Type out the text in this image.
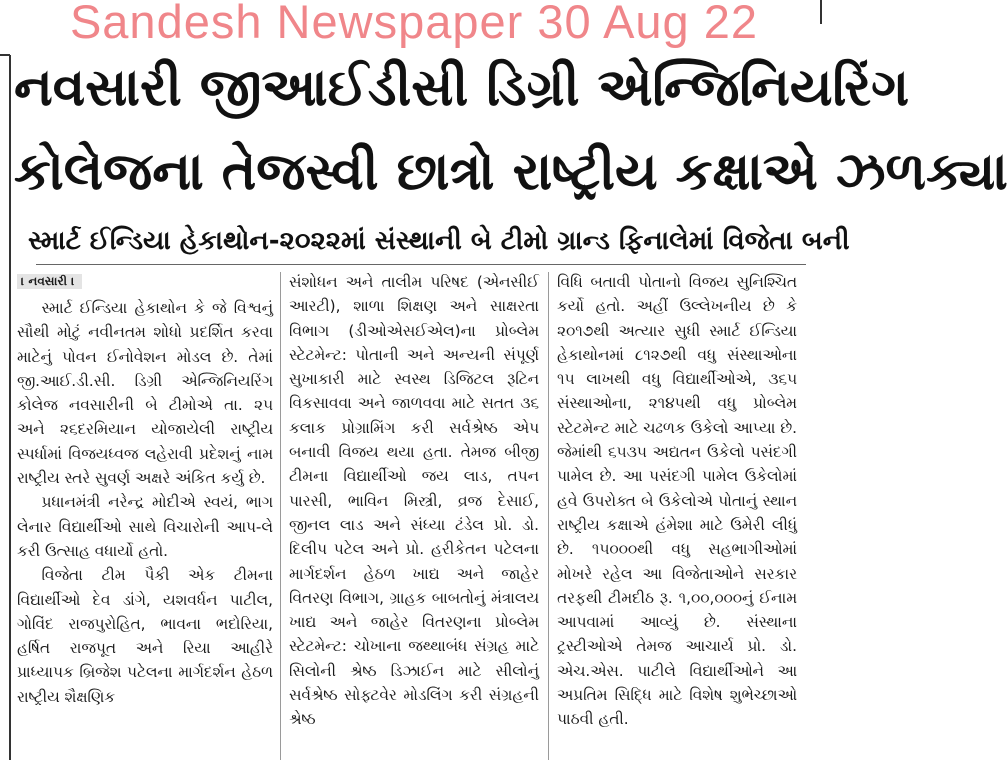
Sandesh Newspaper 30 Aug 22
નવસારી જીઆઈડીસી ડિગ્રી એન્જિનિયરિંગ
કોલેજના તેજસ્વી છાત્રો રાષ્ટ્રીય કક્ષાએ ઝળક્યા
સ્માર્ટ ઈન્ડિયા હેકાથોન-૨૦૨૨માં સંસ્થાની બે ટીમો ગ્રાન્ડ ફિનાલેમાં વિજેતા બની
। નવસારી ।

સ્માર્ટ ઈન્ડિયા હેકાથોન કે જે વિશ્વનું સૌથી મોટું નવીનતમ શોધો પ્રદર્શિત કરવા માટેનું પોવન ઈનોવેશન મોડલ છે. તેમાં જી.આઈ.ડી.સી. ડિગ્રી એન્જિનિયરિંગ કોલેજ નવસારીની બે ટીમોએ તા. ૨૫ અને ૨૬દરમિયાન યોજાયેલી રાષ્ટ્રીય સ્પર્ધામાં વિજયધ્વજ લહેરાવી પ્રદેશનું નામ રાષ્ટ્રીય સ્તરે સુવર્ણ અક્ષરે અંકિત કર્યુ છે.

પ્રધાનમંત્રી નરેન્દ્ર મોદીએ સ્વયં, ભાગ લેનાર વિદ્યાર્થીઓ સાથે વિચારોની આપ-લે કરી ઉત્સાહ વધાર્યો હતો.

વિજેતા ટીમ પૈકી એક ટીમના વિદ્યાર્થીઓ દેવ ડાંગે, યશવર્ધન પાટીલ, ગોવિંદ રાજપુરોહિત, ભાવના ભદોરિયા, હર્ષિત રાજપૂત અને રિયા આહીરે પ્રાધ્યાપક બ્રિજેશ પટેલના માર્ગદર્શન હેઠળ રાષ્ટ્રીય શૈક્ષણિક

સંશોધન અને તાલીમ પરિષદ (એનસીઈ આરટી), શાળા શિક્ષણ અને સાક્ષરતા વિભાગ (ડીઓએસઈએલ)ના પ્રોબ્લેમ સ્ટેટમેન્ટ: પોતાની અને અન્યની સંપૂર્ણ સુખાકારી માટે સ્વસ્થ ડિજિટલ રૂટિન વિકસાવવા અને જાળવવા માટે સતત ૩૬ કલાક પ્રોગ્રામિંગ કરી સર્વશ્રેષ્ઠ એપ બનાવી વિજય થયા હતા. તેમજ બીજી ટીમના વિદ્યાર્થીઓ જય લાડ, તપન પારસી, ભાવિન મિસ્ત્રી, વ્રજ દેસાઈ, જીનલ લાડ અને સંધ્યા ટંડેલ પ્રો. ડો. દિલીપ પટેલ અને પ્રો. હરીકેતન પટેલના માર્ગદર્શન હેઠળ ખાદ્ય અને જાહેર વિતરણ વિભાગ, ગ્રાહક બાબતોનું મંત્રાલય ખાદ્ય અને જાહેર વિતરણના પ્રોબ્લેમ સ્ટેટમેન્ટ: ચોખાના જથ્થાબંધ સંગ્રહ માટે સિલોની શ્રેષ્ઠ ડિઝાઈન માટે સીલોનું સર્વશ્રેષ્ઠ સોફ્ટવેર મોડલિંગ કરી સંગ્રહની શ્રેષ્ઠ

વિધિ બતાવી પોતાનો વિજય સુનિશ્ચિત કર્યો હતો. અહીં ઉલ્લેખનીય છે કે ૨૦૧૭થી અત્યાર સુધી સ્માર્ટ ઈન્ડિયા હેકાથોનમાં ૮૧૨૭થી વધુ સંસ્થાઓના ૧૫ લાખથી વધુ વિદ્યાર્થીઓએ, ૩૬૫ સંસ્થાઓના, ૨૧૪૫થી વધુ પ્રોબ્લેમ સ્ટેટમેન્ટ માટે ચઢળક ઉકેલો આપ્યા છે. જેમાંથી ૬૫૩૫ અદ્યતન ઉકેલો પસંદગી પામેલ છે. આ પસંદગી પામેલ ઉકેલોમાં હવે ઉપરોક્ત બે ઉકેલોએ પોતાનું સ્થાન રાષ્ટ્રીય કક્ષાએ હંમેશા માટે ઉમેરી લીધું છે. ૧૫૦૦૦થી વધુ સહભાગીઓમાં મોખરે રહેલ આ વિજેતાઓને સરકાર તરફથી ટીમદીઠ રૂ. ૧,૦૦,૦૦૦નું ઈનામ આપવામાં આવ્યું છે. સંસ્થાના ટ્રસ્ટીઓએ તેમજ આચાર્ય પ્રો. ડો. એચ.એસ. પાટીલે વિદ્યાર્થીઓને આ અપ્રતિમ સિદ્ધિ માટે વિશેષ શુભેચ્છાઓ પાઠવી હતી.
